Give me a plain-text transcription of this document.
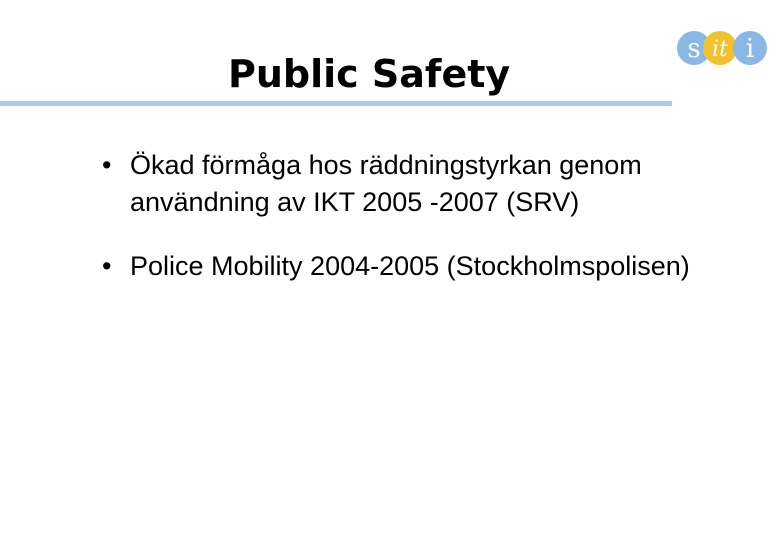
Public Safety
s it i
• Ökad förmåga hos räddningstyrkan genom användning av IKT 2005 -2007 (SRV)
• Police Mobility 2004-2005 (Stockholmspolisen)
